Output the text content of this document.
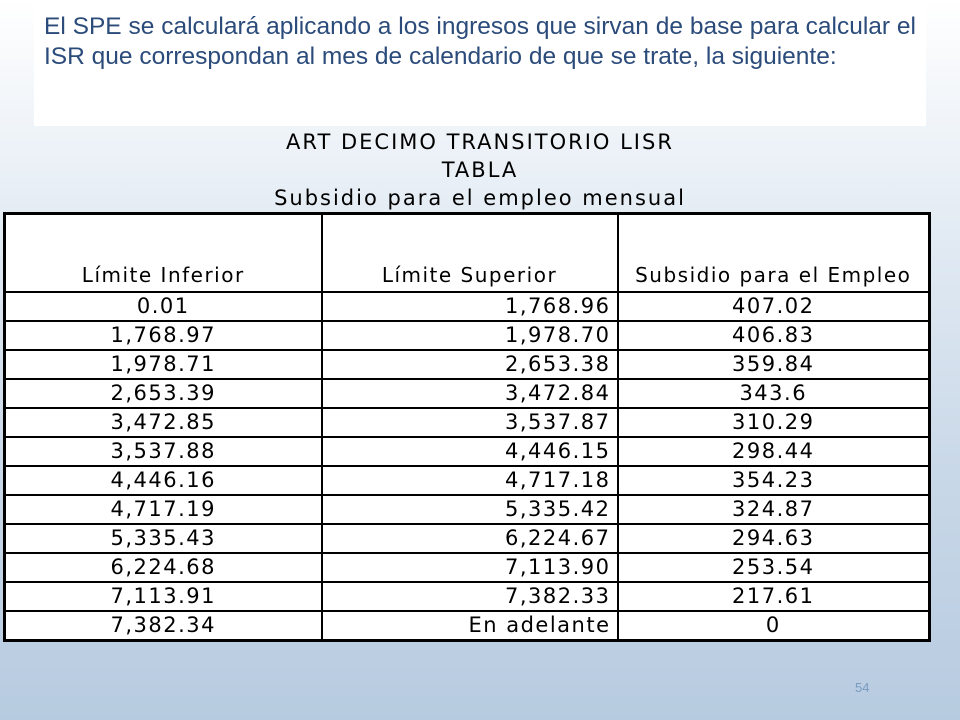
El SPE se calculará aplicando a los ingresos que sirvan de base para calcular el ISR que correspondan al mes de calendario de que se trate, la siguiente:

ART DECIMO TRANSITORIO LISR
TABLA
Subsidio para el empleo mensual
Límite Inferior	Límite Superior	Subsidio para el Empleo
0.01	1,768.96	407.02
1,768.97	1,978.70	406.83
1,978.71	2,653.38	359.84
2,653.39	3,472.84	343.6
3,472.85	3,537.87	310.29
3,537.88	4,446.15	298.44
4,446.16	4,717.18	354.23
4,717.19	5,335.42	324.87
5,335.43	6,224.67	294.63
6,224.68	7,113.90	253.54
7,113.91	7,382.33	217.61
7,382.34	En adelante	0
54
